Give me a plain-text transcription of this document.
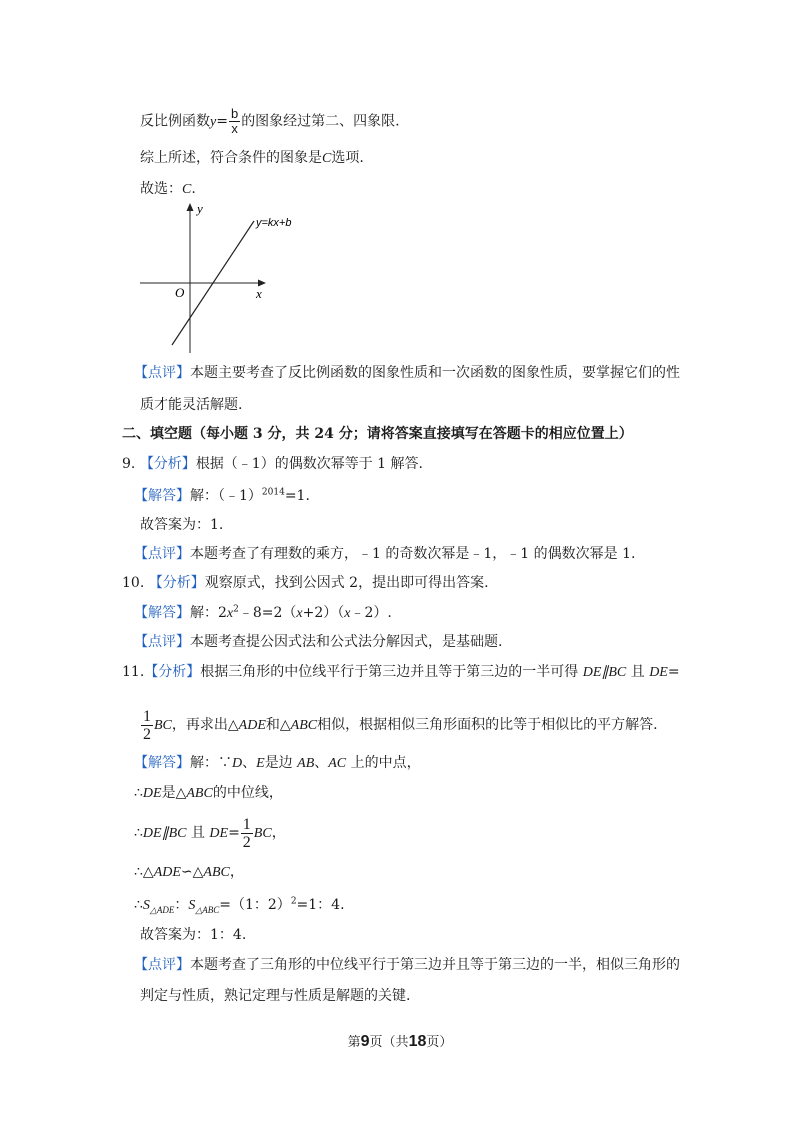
反比例函数$y= \frac{b}{x}$ 的图象经过第二、四象限.
综上所述，符合条件的图象是C选项.
故选：C.
y
x
O
y=kx+b
【点评】本题主要考查了反比例函数的图象性质和一次函数的图象性质，要掌握它们的性
质才能灵活解题.
二、填空题（每小题 3 分，共 24 分；请将答案直接填写在答题卡的相应位置上）
9. 【分析】根据（﹣1）的偶数次幂等于 1 解答.
【解答】解：（﹣1）$^{2014}$=1.
故答案为：1.
【点评】本题考查了有理数的乘方，﹣1 的奇数次幂是﹣1，﹣1 的偶数次幂是 1.
10. 【分析】观察原式，找到公因式 2，提出即可得出答案.
【解答】解：$2x^2﹣8=2(x+2)(x﹣2)$.
【点评】本题考查提公因式法和公式法分解因式，是基础题.
11.【分析】根据三角形的中位线平行于第三边并且等于第三边的一半可得 DE∥BC 且 DE=
$\frac{1}{2}$ BC，再求出△ADE和△ABC相似，根据相似三角形面积的比等于相似比的平方解答.
【解答】解：∵D、E是边 AB、AC 上的中点，
∴DE是△ABC的中位线，
∴DE∥BC 且 $DE= \frac{1}{2}$ BC，
∴△ADE∽△ABC，
$\therefore S_{\triangle ADE}$：$S_{\triangle ABC}=(1$：2）$^2$=1：4.
故答案为：1：4.
【点评】本题考查了三角形的中位线平行于第三边并且等于第三边的一半，相似三角形的
判定与性质，熟记定理与性质是解题的关键.
第9页（共18页）
